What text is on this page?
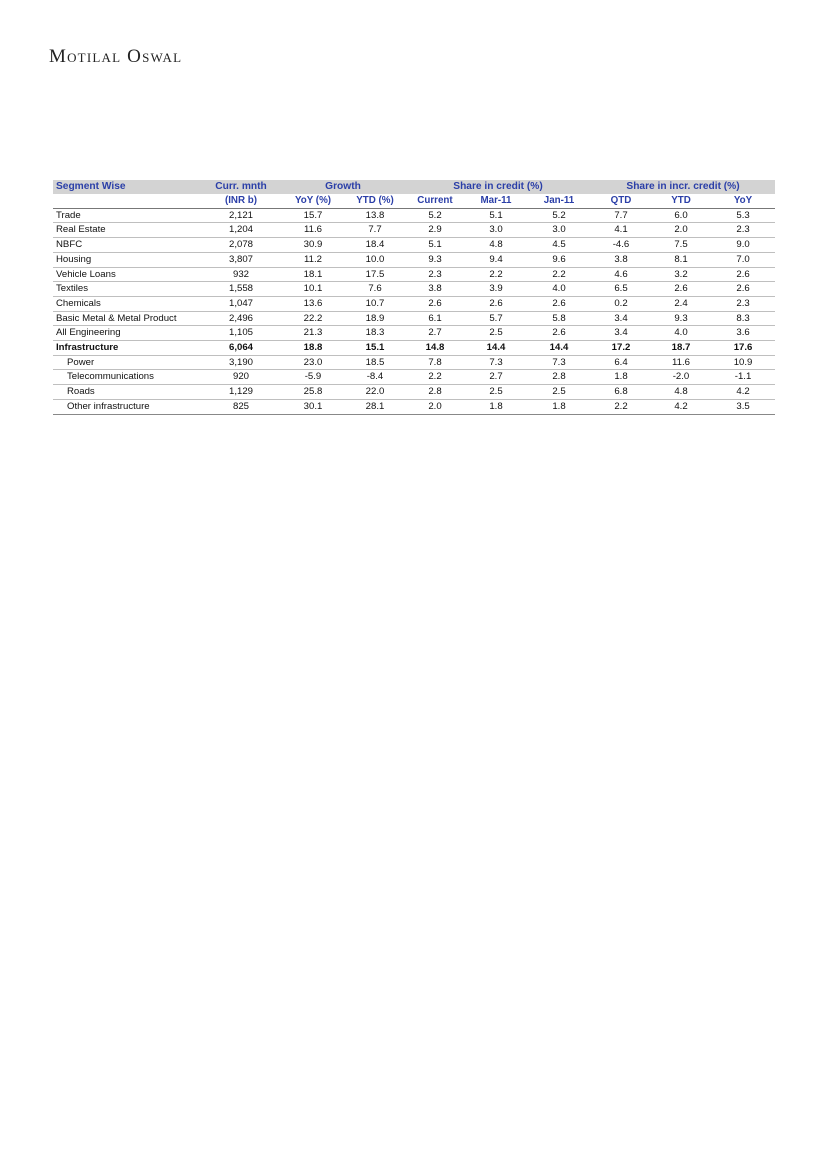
Motilal Oswal
Segment Wise	Curr. mnth	Growth		Share in credit (%)			Share in incr. credit (%)		
	(INR b)	YoY (%)	YTD (%)	Current	Mar-11	Jan-11	QTD	YTD	YoY
Trade	2,121	15.7	13.8	5.2	5.1	5.2	7.7	6.0	5.3
Real Estate	1,204	11.6	7.7	2.9	3.0	3.0	4.1	2.0	2.3
NBFC	2,078	30.9	18.4	5.1	4.8	4.5	-4.6	7.5	9.0
Housing	3,807	11.2	10.0	9.3	9.4	9.6	3.8	8.1	7.0
Vehicle Loans	932	18.1	17.5	2.3	2.2	2.2	4.6	3.2	2.6
Textiles	1,558	10.1	7.6	3.8	3.9	4.0	6.5	2.6	2.6
Chemicals	1,047	13.6	10.7	2.6	2.6	2.6	0.2	2.4	2.3
Basic Metal & Metal Product	2,496	22.2	18.9	6.1	5.7	5.8	3.4	9.3	8.3
All Engineering	1,105	21.3	18.3	2.7	2.5	2.6	3.4	4.0	3.6
Infrastructure	6,064	18.8	15.1	14.8	14.4	14.4	17.2	18.7	17.6
Power	3,190	23.0	18.5	7.8	7.3	7.3	6.4	11.6	10.9
Telecommunications	920	-5.9	-8.4	2.2	2.7	2.8	1.8	-2.0	-1.1
Roads	1,129	25.8	22.0	2.8	2.5	2.5	6.8	4.8	4.2
Other infrastructure	825	30.1	28.1	2.0	1.8	1.8	2.2	4.2	3.5
